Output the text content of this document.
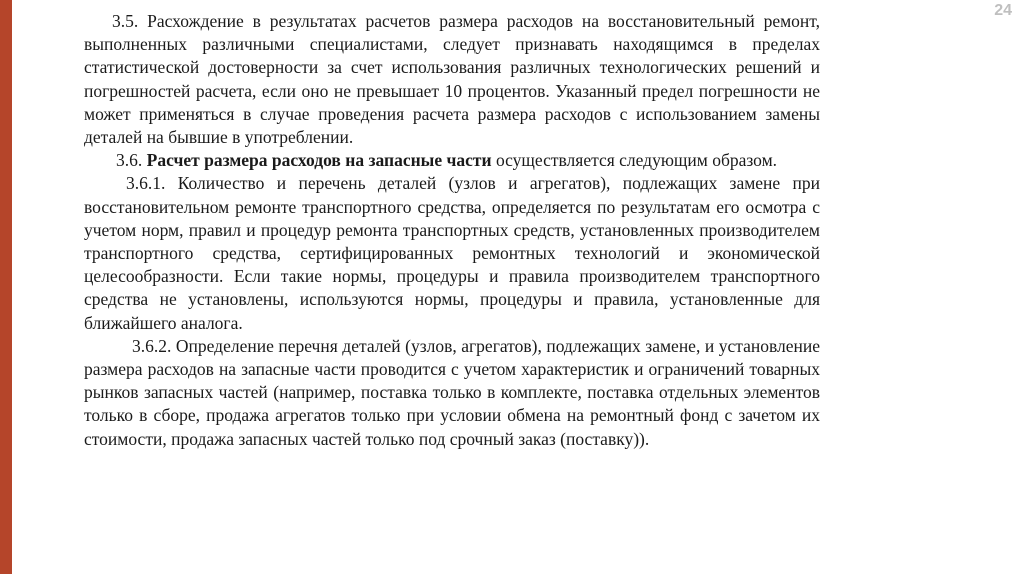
24

3.5. Расхождение в результатах расчетов размера расходов на восстановительный ремонт, выполненных различными специалистами, следует признавать находящимся в пределах статистической достоверности за счет использования различных технологических решений и погрешностей расчета, если оно не превышает 10 процентов. Указанный предел погрешности не может применяться в случае проведения расчета размера расходов с использованием замены деталей на бывшие в употреблении.

3.6. Расчет размера расходов на запасные части осуществляется следующим образом.

3.6.1. Количество и перечень деталей (узлов и агрегатов), подлежащих замене при восстановительном ремонте транспортного средства, определяется по результатам его осмотра с учетом норм, правил и процедур ремонта транспортных средств, установленных производителем транспортного средства, сертифицированных ремонтных технологий и экономической целесообразности. Если такие нормы, процедуры и правила производителем транспортного средства не установлены, используются нормы, процедуры и правила, установленные для ближайшего аналога.

3.6.2. Определение перечня деталей (узлов, агрегатов), подлежащих замене, и установление размера расходов на запасные части проводится с учетом характеристик и ограничений товарных рынков запасных частей (например, поставка только в комплекте, поставка отдельных элементов только в сборе, продажа агрегатов только при условии обмена на ремонтный фонд с зачетом их стоимости, продажа запасных частей только под срочный заказ (поставку)).
